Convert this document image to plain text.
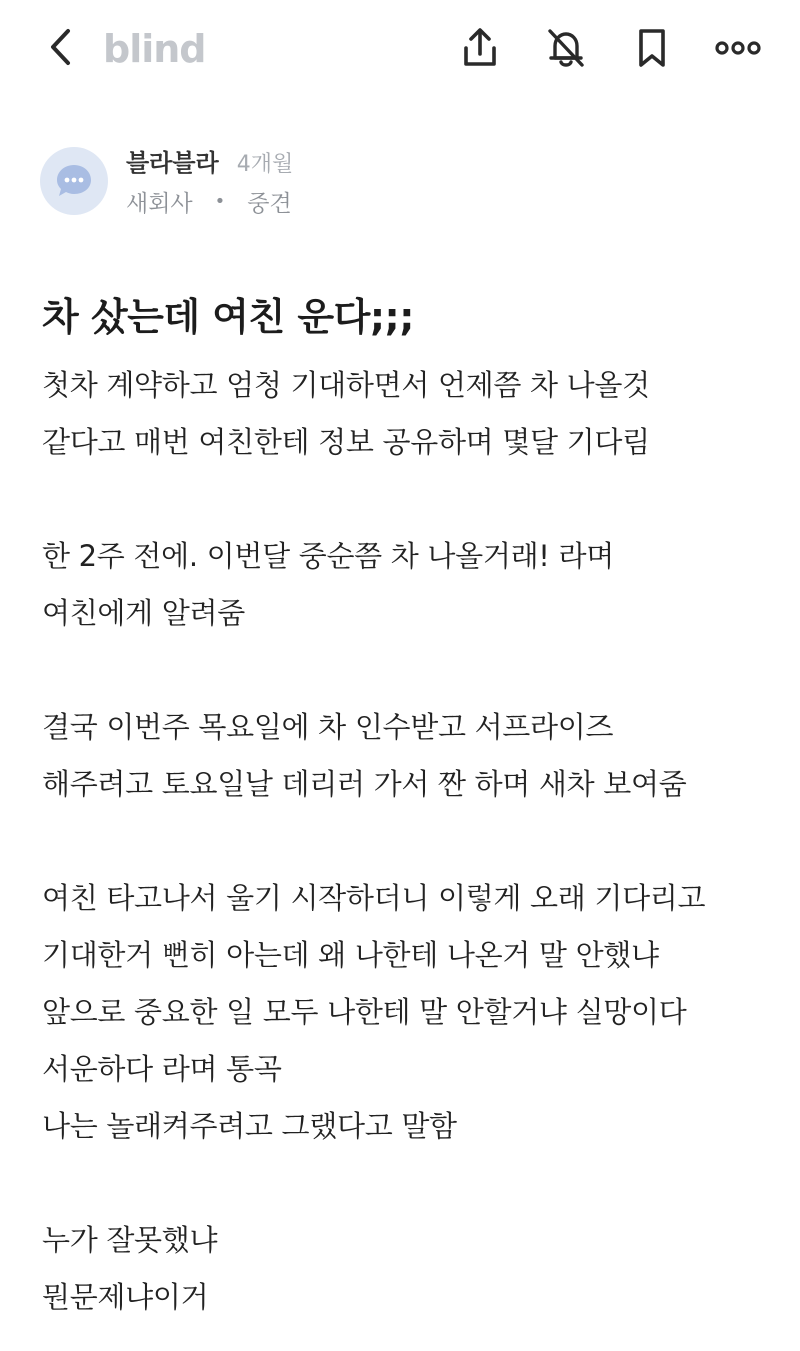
blind
블라블라 4개월
새회사 • 중견
차 샀는데 여친 운다;;;
첫차 계약하고 엄청 기대하면서 언제쯤 차 나올것
같다고 매번 여친한테 정보 공유하며 몇달 기다림
한 2주 전에. 이번달 중순쯤 차 나올거래! 라며
여친에게 알려줌
결국 이번주 목요일에 차 인수받고 서프라이즈
해주려고 토요일날 데리러 가서 짠 하며 새차 보여줌
여친 타고나서 울기 시작하더니 이렇게 오래 기다리고
기대한거 뻔히 아는데 왜 나한테 나온거 말 안했냐
앞으로 중요한 일 모두 나한테 말 안할거냐 실망이다
서운하다 라며 통곡
나는 놀래켜주려고 그랬다고 말함
누가 잘못했냐
뭔문제냐이거
